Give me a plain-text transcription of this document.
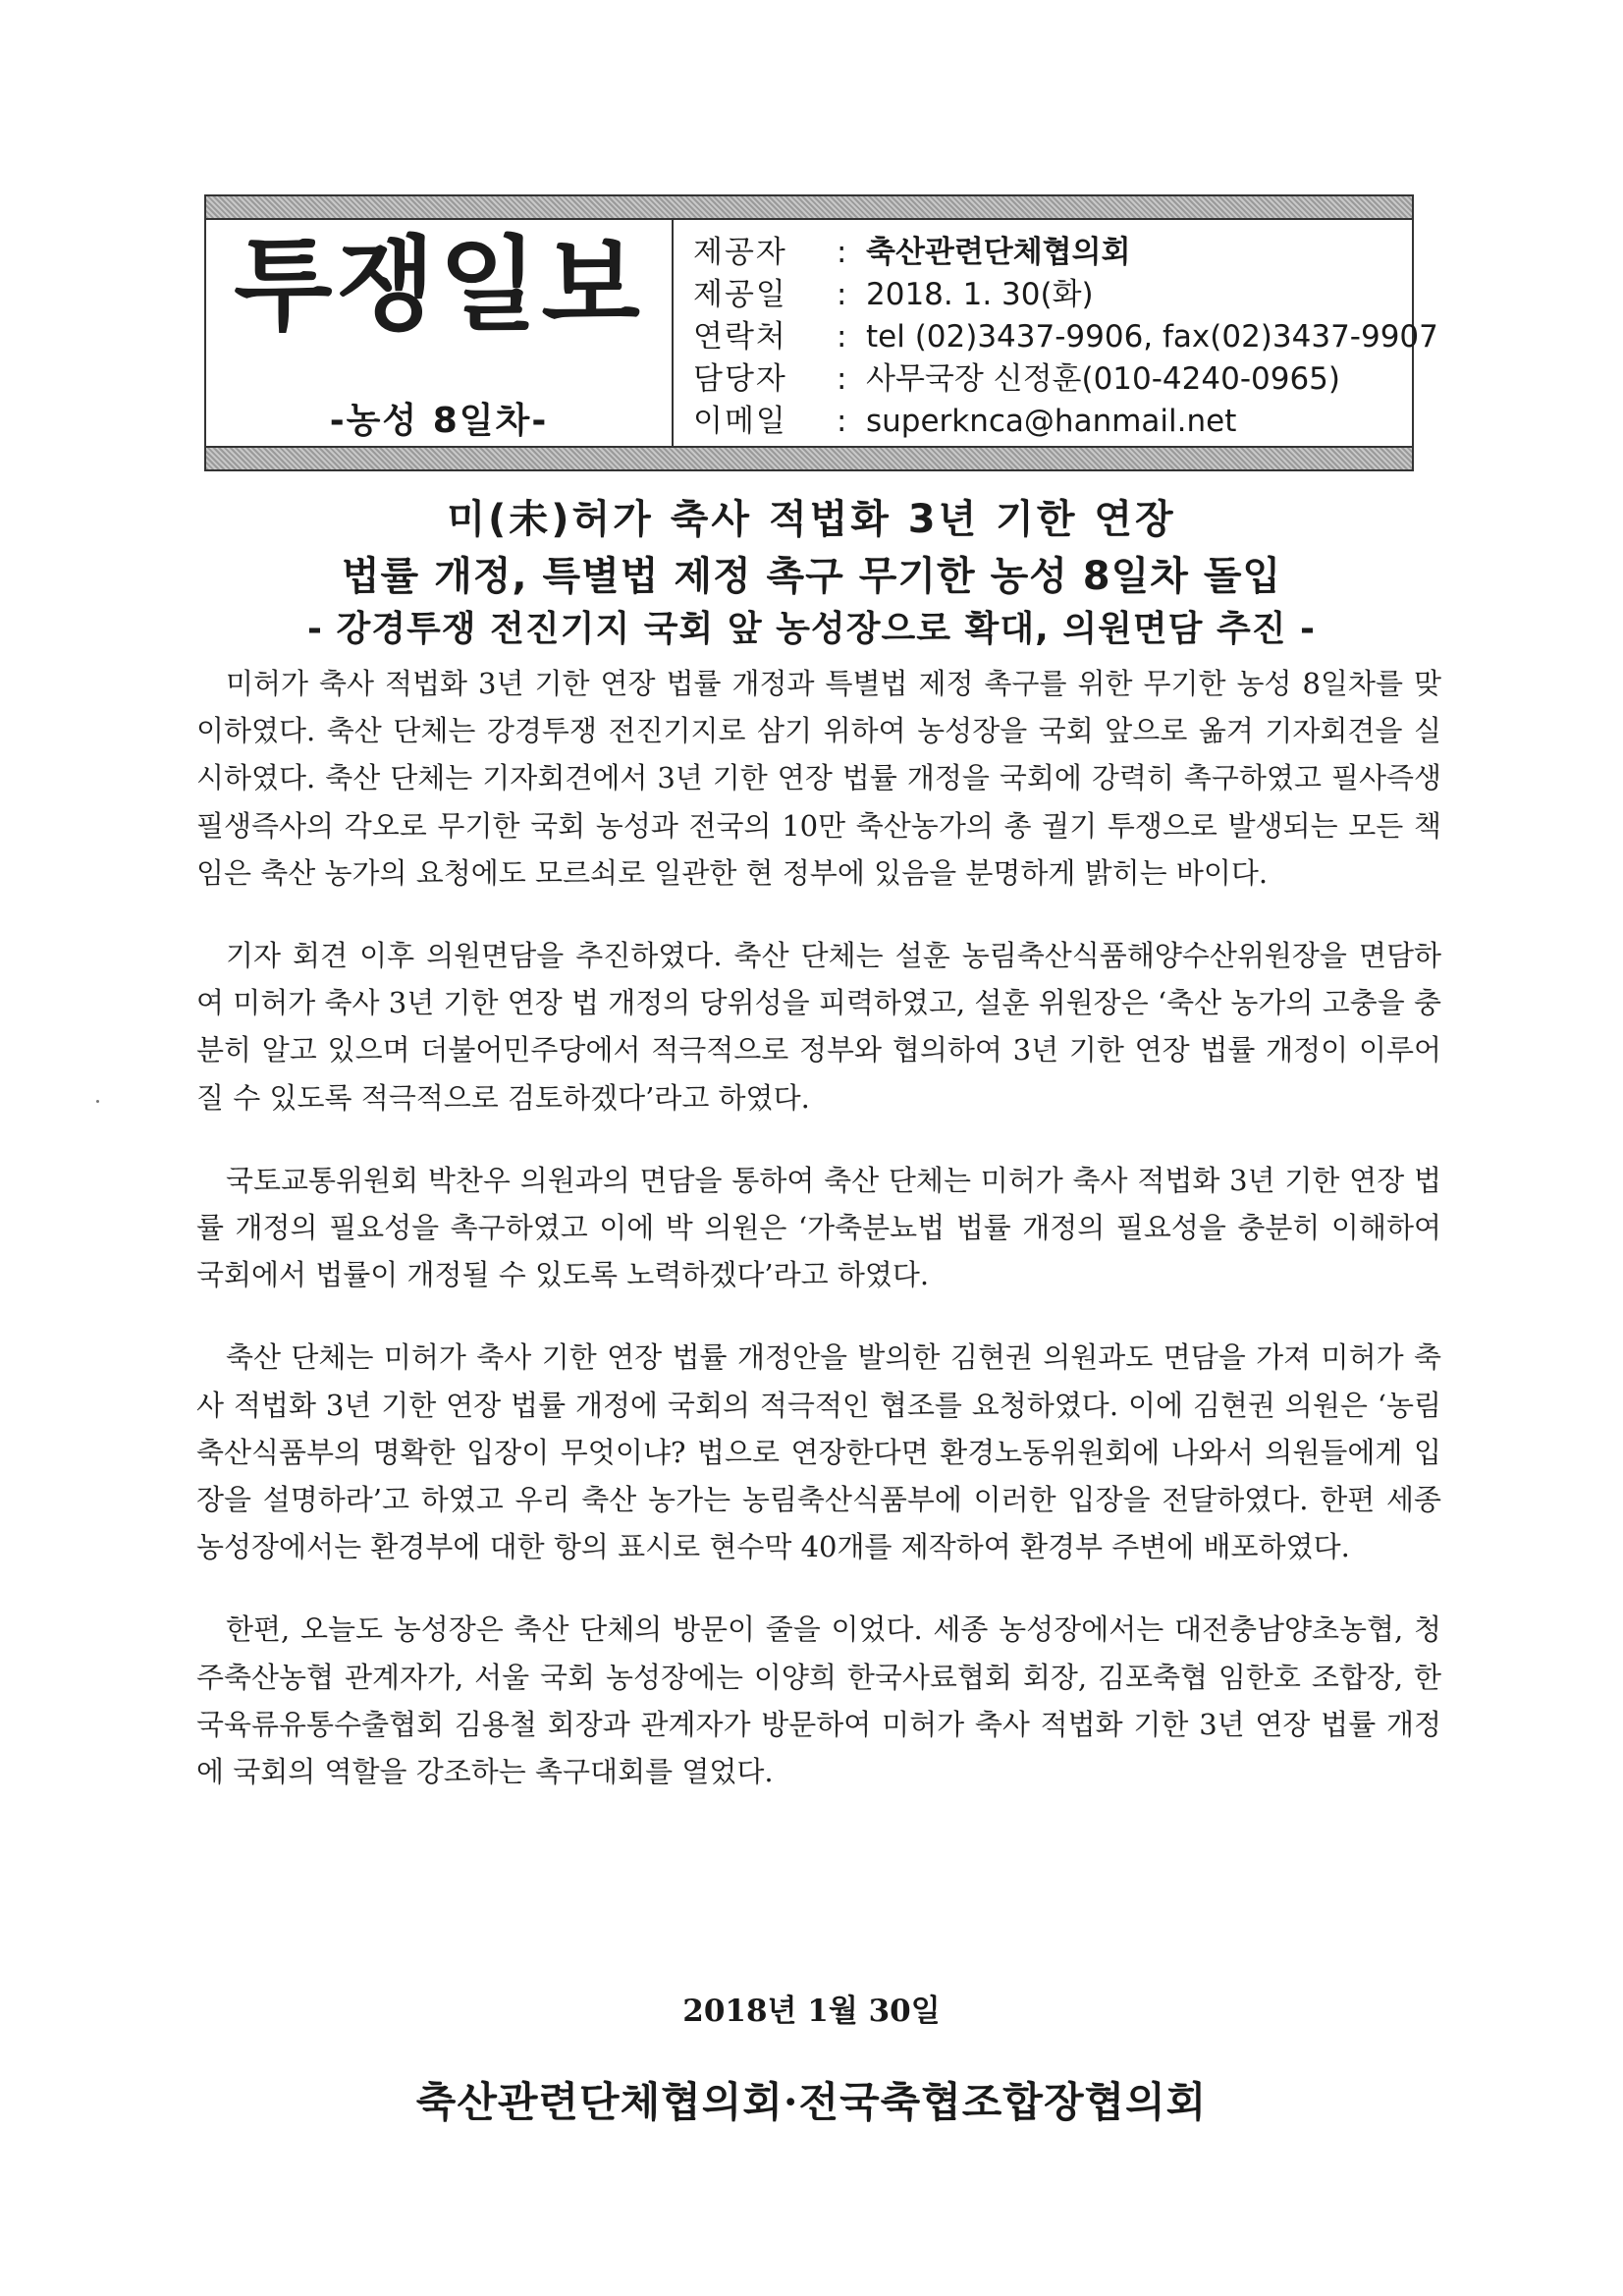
투쟁일보
-농성 8일차-
제공자 : 축산관련단체협의회
제공일 : 2018. 1. 30(화)
연락처 : tel (02)3437-9906, fax(02)3437-9907
담당자 : 사무국장 신정훈(010-4240-0965)
이메일 : superknca@hanmail.net
미(未)허가 축사 적법화 3년 기한 연장
법률 개정, 특별법 제정 촉구 무기한 농성 8일차 돌입
- 강경투쟁 전진기지 국회 앞 농성장으로 확대, 의원면담 추진 -

미허가 축사 적법화 3년 기한 연장 법률 개정과 특별법 제정 촉구를 위한 무기한 농성 8일차를 맞이하였다. 축산 단체는 강경투쟁 전진기지로 삼기 위하여 농성장을 국회 앞으로 옮겨 기자회견을 실시하였다. 축산 단체는 기자회견에서 3년 기한 연장 법률 개정을 국회에 강력히 촉구하였고 필사즉생 필생즉사의 각오로 무기한 국회 농성과 전국의 10만 축산농가의 총 궐기 투쟁으로 발생되는 모든 책임은 축산 농가의 요청에도 모르쇠로 일관한 현 정부에 있음을 분명하게 밝히는 바이다.

기자 회견 이후 의원면담을 추진하였다. 축산 단체는 설훈 농림축산식품해양수산위원장을 면담하여 미허가 축사 3년 기한 연장 법 개정의 당위성을 피력하였고, 설훈 위원장은 ‘축산 농가의 고충을 충분히 알고 있으며 더불어민주당에서 적극적으로 정부와 협의하여 3년 기한 연장 법률 개정이 이루어질 수 있도록 적극적으로 검토하겠다’라고 하였다.

국토교통위원회 박찬우 의원과의 면담을 통하여 축산 단체는 미허가 축사 적법화 3년 기한 연장 법률 개정의 필요성을 촉구하였고 이에 박 의원은 ‘가축분뇨법 법률 개정의 필요성을 충분히 이해하여 국회에서 법률이 개정될 수 있도록 노력하겠다’라고 하였다.

축산 단체는 미허가 축사 기한 연장 법률 개정안을 발의한 김현권 의원과도 면담을 가져 미허가 축사 적법화 3년 기한 연장 법률 개정에 국회의 적극적인 협조를 요청하였다. 이에 김현권 의원은 ‘농림축산식품부의 명확한 입장이 무엇이냐? 법으로 연장한다면 환경노동위원회에 나와서 의원들에게 입장을 설명하라’고 하였고 우리 축산 농가는 농림축산식품부에 이러한 입장을 전달하였다. 한편 세종 농성장에서는 환경부에 대한 항의 표시로 현수막 40개를 제작하여 환경부 주변에 배포하였다.

한편, 오늘도 농성장은 축산 단체의 방문이 줄을 이었다. 세종 농성장에서는 대전충남양초농협, 청주축산농협 관계자가, 서울 국회 농성장에는 이양희 한국사료협회 회장, 김포축협 임한호 조합장, 한국육류유통수출협회 김용철 회장과 관계자가 방문하여 미허가 축사 적법화 기한 3년 연장 법률 개정에 국회의 역할을 강조하는 촉구대회를 열었다.

2018년 1월 30일
축산관련단체협의회·전국축협조합장협의회
